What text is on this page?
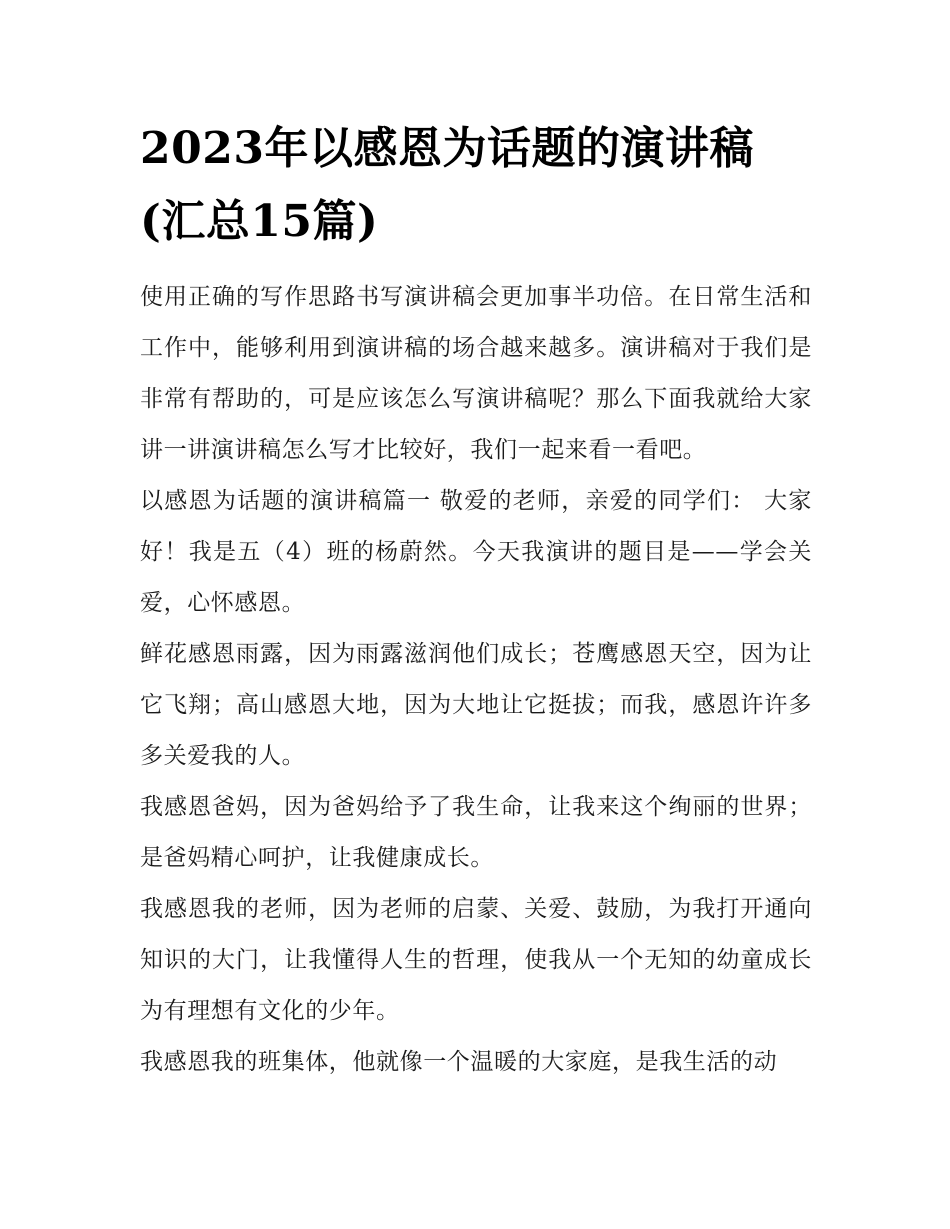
2023年以感恩为话题的演讲稿(汇总15篇)

使用正确的写作思路书写演讲稿会更加事半功倍。在日常生活和工作中，能够利用到演讲稿的场合越来越多。演讲稿对于我们是非常有帮助的，可是应该怎么写演讲稿呢？那么下面我就给大家讲一讲演讲稿怎么写才比较好，我们一起来看一看吧。

以感恩为话题的演讲稿篇一 敬爱的老师，亲爱的同学们： 大家好！我是五（4）班的杨蔚然。今天我演讲的题目是——学会关爱，心怀感恩。

鲜花感恩雨露，因为雨露滋润他们成长；苍鹰感恩天空，因为让它飞翔；高山感恩大地，因为大地让它挺拔；而我，感恩许许多多关爱我的人。

我感恩爸妈，因为爸妈给予了我生命，让我来这个绚丽的世界；是爸妈精心呵护，让我健康成长。

我感恩我的老师，因为老师的启蒙、关爱、鼓励，为我打开通向知识的大门，让我懂得人生的哲理，使我从一个无知的幼童成长为有理想有文化的少年。

我感恩我的班集体，他就像一个温暖的大家庭，是我生活的动
